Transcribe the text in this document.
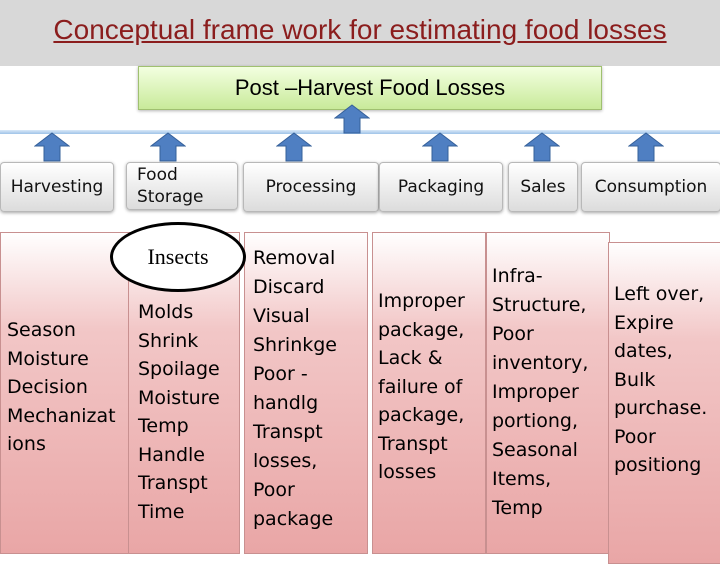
Conceptual frame work for estimating food losses
Post –Harvest Food Losses
Harvesting
Food
Storage	Processing	Packaging	Sales	Consumption
Season
Moisture
Decision
Mechanizat
ions
Molds
Shrink
Spoilage
Moisture
Temp
Handle
Transpt
Time
Removal
Discard
Visual
Shrinkge
Poor -
handlg
Transpt
losses,
Poor
package
Improper
package,
Lack &
failure of
package,
Transpt
losses
Infra-
Structure,
Poor
inventory,
Improper
portiong,
Seasonal
Items,
Temp
Left over,
Expire
dates,
Bulk
purchase.
Poor
positiong
Insects
